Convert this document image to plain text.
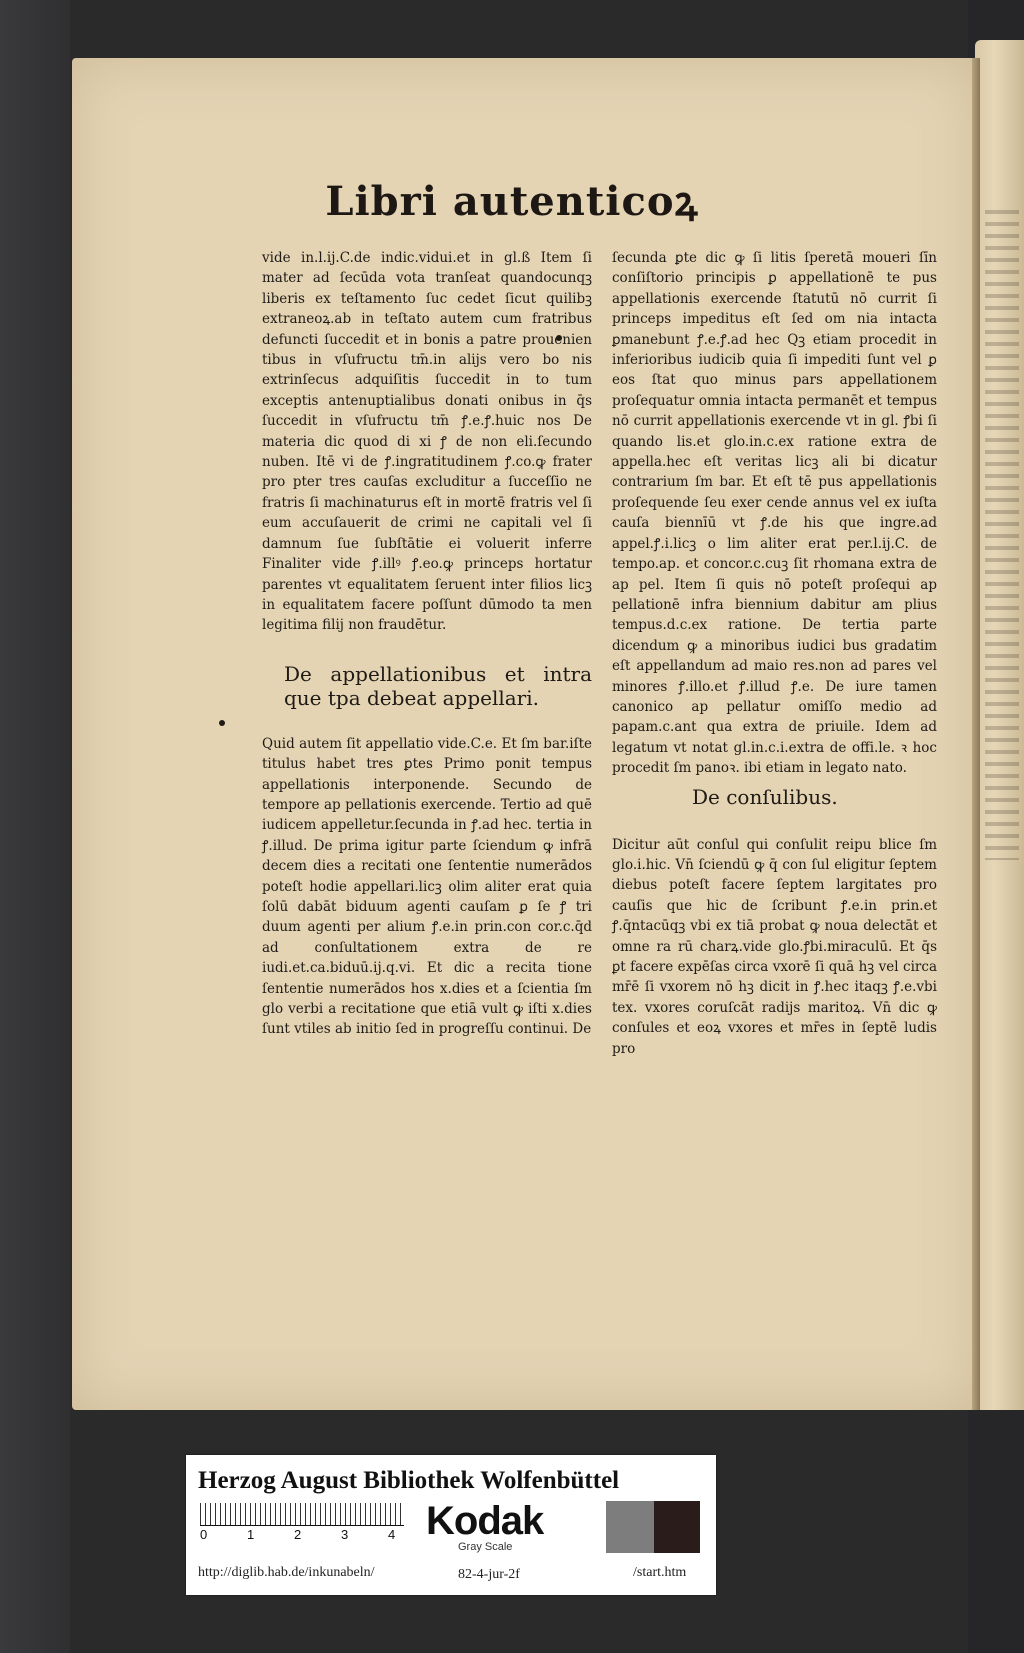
Libri autenticoꝝ

vide in.l.ij.C.de indic.vidui.et in gl.ß Item ſi mater ad ſecūda vota tranſeat quandocunqꝫ liberis ex teſtamento ſuc cedet ſicut quilibꝫ extraneoꝝ.ab in teſtato autem cum fratribus defuncti ſuccedit et in bonis a patre prouenien tibus in vſufructu tm̄.in alijs vero bo nis extrinſecus adquiſitis ſuccedit in to tum exceptis antenuptialibus donati onibus in q̄s ſuccedit in vſufructu tm̄ ꝭ.e.ꝭ.huic nos De materia dic quod di xi ꝭ de non eli.ſecundo nuben. Itē vi de ꝭ.ingratitudinem ꝭ.co.ꝙ frater pro pter tres cauſas excluditur a ſucceſſio ne fratris ſi machinaturus eſt in mortē fratris vel ſi eum accuſauerit de crimi ne capitali vel ſi damnum ſue ſubſtātie ei voluerit inferre Finaliter vide ꝭ.illꝰ ꝭ.eo.ꝙ princeps hortatur parentes vt equalitatem ſeruent inter filios licꝫ in equalitatem facere poſſunt dūmodo ta men legitima filij non fraudētur.

De appellationibus et intra que tpa debeat appellari.

Quid autem ſit appellatio vide.C.e. Et ſm bar.iſte titulus habet tres ꝑtes Primo ponit tempus appellationis interponende. Secundo de tempore ap pellationis exercende. Tertio ad quē iudicem appelletur.ſecunda in ꝭ.ad hec. tertia in ꝭ.illud. De prima igitur parte ſciendum ꝙ infrā decem dies a recitati one ſententie numerādos poteſt hodie appellari.licꝫ olim aliter erat quia ſolū dabāt biduum agenti cauſam ꝑ ſe ꝭ tri duum agenti per alium ꝭ.e.in prin.con cor.c.q̄d ad conſultationem extra de re iudi.et.ca.biduū.ij.q.vi. Et dic a recita tione ſententie numerādos hos x.dies et a ſcientia ſm glo verbi a recitatione que etiā vult ꝙ iſti x.dies ſunt vtiles ab initio ſed in progreſſu continui. De

ſecunda ꝑte dic ꝙ ſi litis ſperetā moueri ſīn conſiſtorio principis ꝑ appellationē te pus appellationis exercende ſtatutū nō currit ſi princeps impeditus eſt ſed om nia intacta ꝑmanebunt ꝭ.e.ꝭ.ad hec Qꝫ etiam procedit in inferioribus iudicib quia ſi impediti ſunt vel ꝑ eos ſtat quo minus pars appellationem proſequatur omnia intacta permanēt et tempus nō currit appellationis exercende vt in gl. ꝭbi ſi quando lis.et glo.in.c.ex ratione extra de appella.hec eſt veritas licꝫ ali bi dicatur contrarium ſm bar. Et eſt tē pus appellationis proſequende ſeu exer cende annus vel ex iuſta cauſa biennīū vt ꝭ.de his que ingre.ad appel.ꝭ.i.licꝫ o lim aliter erat per.l.ij.C. de tempo.ap. et concor.c.cuꝫ ſit rhomana extra de ap pel. Item ſi quis nō poteſt proſequi ap pellationē infra biennium dabitur am plius tempus.d.c.ex ratione. De tertia parte dicendum ꝙ a minoribus iudici bus gradatim eſt appellandum ad maio res.non ad pares vel minores ꝭ.illo.et ꝭ.illud ꝭ.e. De iure tamen canonico ap pellatur omiſſo medio ad papam.c.ant qua extra de priuile. Idem ad legatum vt notat gl.in.c.i.extra de offi.le. ꝛ hoc procedit ſm panoꝛ. ibi etiam in legato nato.

De conſulibus.

Dicitur aūt conſul qui conſulit reipu blice ſm glo.i.hic. Vn̄ ſciendū ꝙ q̄ con ſul eligitur ſeptem diebus poteſt facere ſeptem largitates pro cauſis que hic de ſcribunt ꝭ.e.in prin.et ꝭ.q̄ntacūqꝫ vbi ex tiā probat ꝙ noua delectāt et omne ra rū charꝝ.vide glo.ꝭbi.miraculū. Et q̄s ꝑt facere expēſas circa vxorē ſi quā hꝫ vel circa mr̄ē ſi vxorem nō hꝫ dicit in ꝭ.hec itaqꝫ ꝭ.e.vbi tex. vxores coruſcāt radijs maritoꝝ. Vn̄ dic ꝙ conſules et eoꝝ vxores et mr̄es in ſeptē ludis pro

Herzog August Bibliothek Wolfenbüttel
0	1	2	3	4 Kodak
Gray Scale
http://diglib.hab.de/inkunabeln/	82-4-jur-2f	/start.htm
